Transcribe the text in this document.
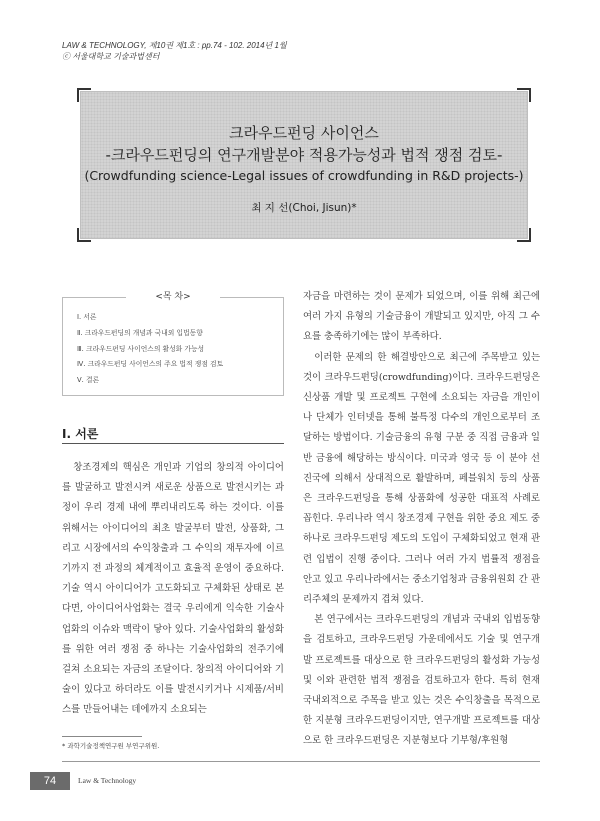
LAW & TECHNOLOGY, 제10권 제1호 : pp.74 - 102. 2014년 1월
ⓒ 서울대학교 기술과법센터
크라우드펀딩 사이언스
-크라우드펀딩의 연구개발분야 적용가능성과 법적 쟁점 검토-
(Crowdfunding science-Legal issues of crowdfunding in R&D projects-)
최 지 선(Choi, Jisun)*
<목 차>
Ⅰ. 서론
Ⅱ. 크라우드펀딩의 개념과 국내외 입법동향
Ⅲ. 크라우드펀딩 사이언스의 활성화 가능성
Ⅳ. 크라우드펀딩 사이언스의 주요 법적 쟁점 검토
Ⅴ. 결론
Ⅰ. 서론

창조경제의 핵심은 개인과 기업의 창의적 아이디어를 발굴하고 발전시켜 새로운 상품으로 발전시키는 과정이 우리 경제 내에 뿌리내리도록 하는 것이다. 이를 위해서는 아이디어의 최초 발굴부터 발전, 상품화, 그리고 시장에서의 수익창출과 그 수익의 재투자에 이르기까지 전 과정의 체계적이고 효율적 운영이 중요하다. 기술 역시 아이디어가 고도화되고 구체화된 상태로 본다면, 아이디어사업화는 결국 우리에게 익숙한 기술사업화의 이슈와 맥락이 닿아 있다. 기술사업화의 활성화를 위한 여러 쟁점 중 하나는 기술사업화의 전주기에 걸쳐 소요되는 자금의 조달이다. 창의적 아이디어와 기술이 있다고 하더라도 이를 발전시키거나 시제품/서비스를 만들어내는 데에까지 소요되는

자금을 마련하는 것이 문제가 되었으며, 이를 위해 최근에 여러 가지 유형의 기술금융이 개발되고 있지만, 아직 그 수요를 충족하기에는 많이 부족하다.

이러한 문제의 한 해결방안으로 최근에 주목받고 있는 것이 크라우드펀딩(crowdfunding)이다. 크라우드펀딩은 신상품 개발 및 프로젝트 구현에 소요되는 자금을 개인이나 단체가 인터넷을 통해 불특정 다수의 개인으로부터 조달하는 방법이다. 기술금융의 유형 구분 중 직접 금융과 일반 금융에 해당하는 방식이다. 미국과 영국 등 이 분야 선진국에 의해서 상대적으로 활발하며, 페블워치 등의 상품은 크라우드펀딩을 통해 상품화에 성공한 대표적 사례로 꼽힌다. 우리나라 역시 창조경제 구현을 위한 중요 제도 중 하나로 크라우드펀딩 제도의 도입이 구체화되었고 현재 관련 입법이 진행 중이다. 그러나 여러 가지 법률적 쟁점을 안고 있고 우리나라에서는 중소기업청과 금융위원회 간 관리주체의 문제까지 겹쳐 있다.

본 연구에서는 크라우드펀딩의 개념과 국내외 입법동향을 검토하고, 크라우드펀딩 가운데에서도 기술 및 연구개발 프로젝트를 대상으로 한 크라우드펀딩의 활성화 가능성 및 이와 관련한 법적 쟁점을 검토하고자 한다. 특히 현재 국내외적으로 주목을 받고 있는 것은 수익창출을 목적으로 한 지분형 크라우드펀딩이지만, 연구개발 프로젝트를 대상으로 한 크라우드펀딩은 지분형보다 기부형/후원형

* 과학기술정책연구원 부연구위원.
74	Law & Technology
